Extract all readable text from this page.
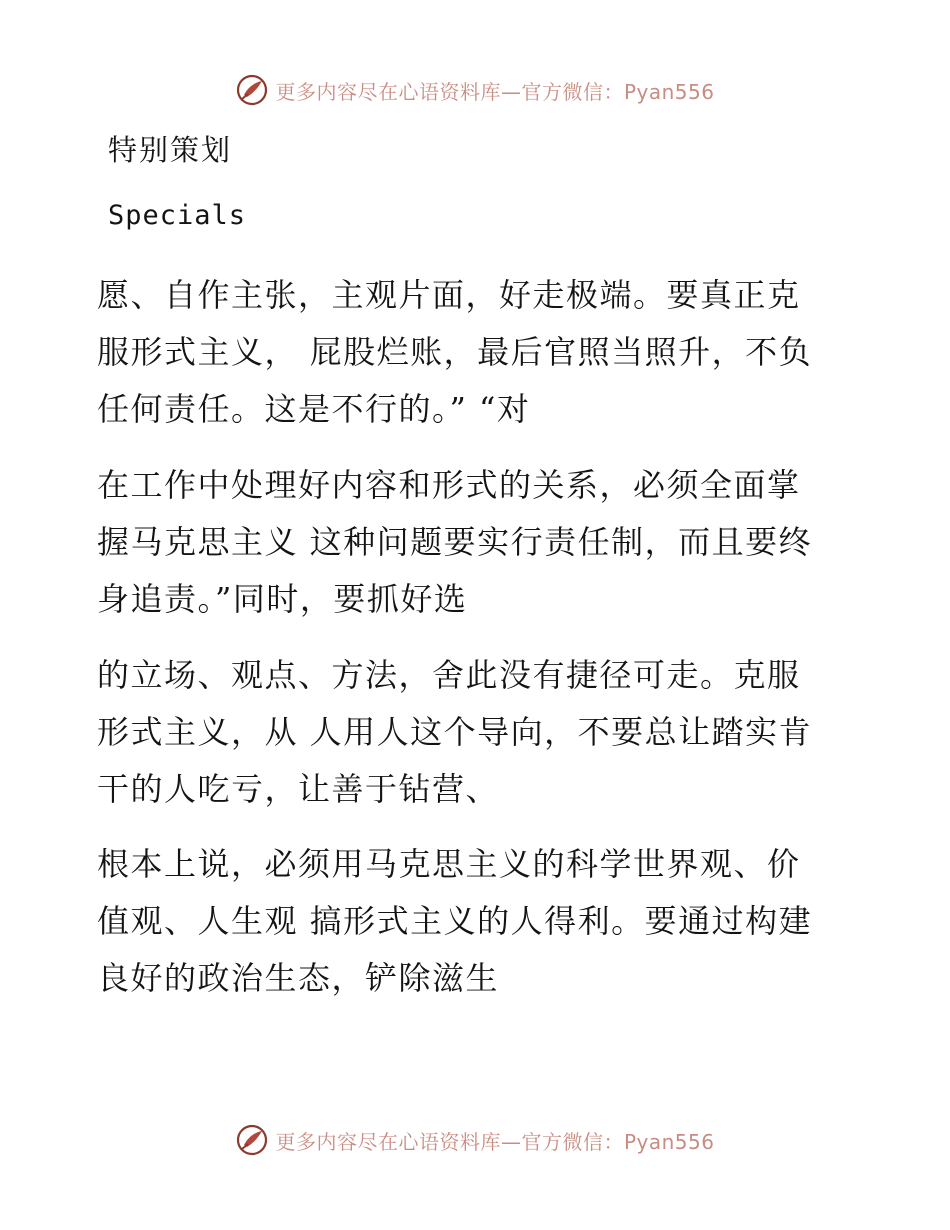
更多内容尽在心语资料库—官方微信：Pyan556
特别策划
Specials
愿、自作主张，主观片面，好走极端。要真正克
服形式主义， 屁股烂账，最后官照当照升，不负
任何责任。这是不行的。” “对
在工作中处理好内容和形式的关系，必须全面掌
握马克思主义 这种问题要实行责任制，而且要终
身追责。”同时，要抓好选
的立场、观点、方法，舍此没有捷径可走。克服
形式主义，从 人用人这个导向，不要总让踏实肯
干的人吃亏，让善于钻营、
根本上说，必须用马克思主义的科学世界观、价
值观、人生观 搞形式主义的人得利。要通过构建
良好的政治生态，铲除滋生
更多内容尽在心语资料库—官方微信：Pyan556
